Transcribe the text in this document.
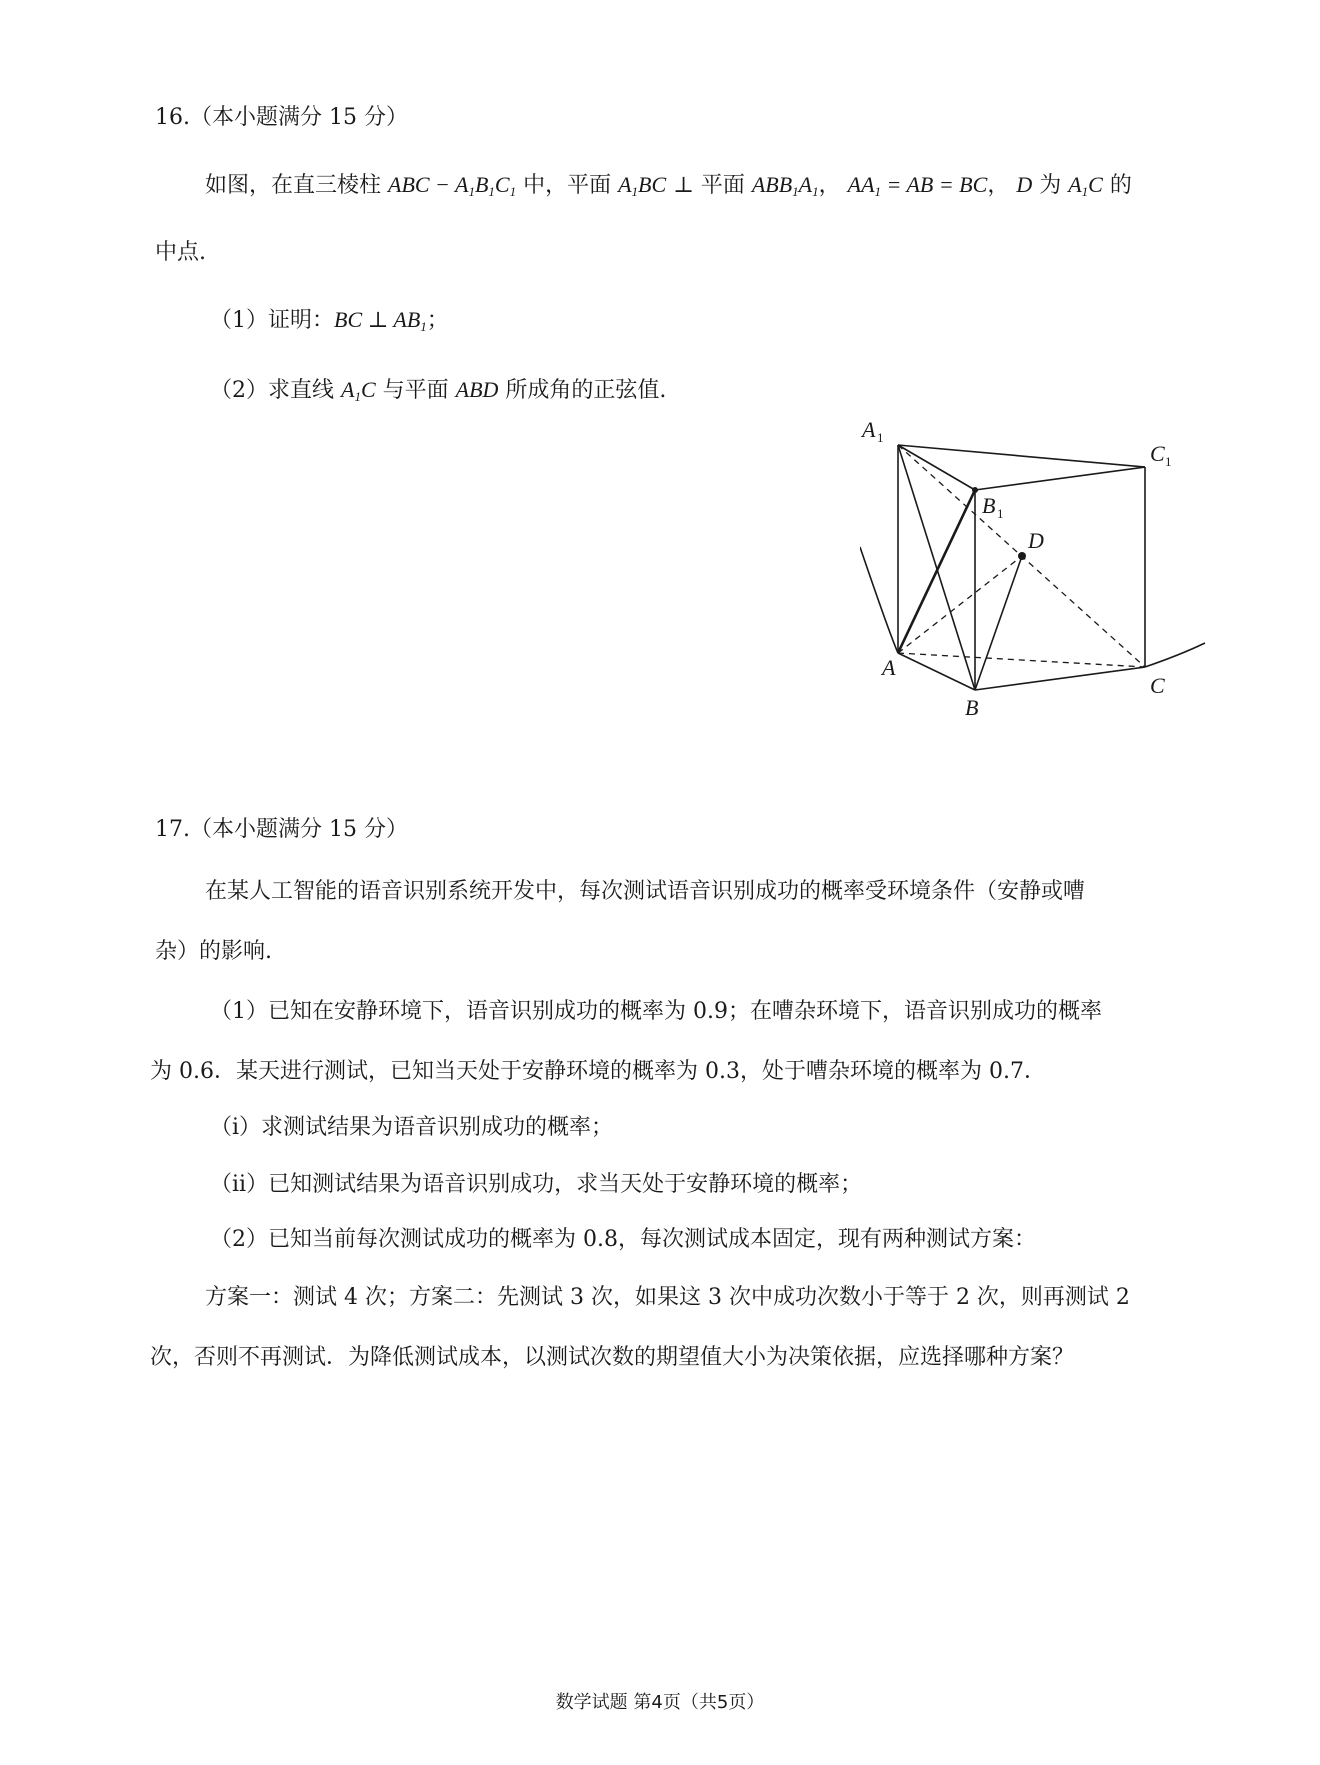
16.（本小题满分 15 分）
如图，在直三棱柱 ABC − $A_1B_1C_1$ 中，平面 $A_1BC$ ⊥ 平面 $ABB_1A_1$， $AA_1$ = AB = BC， D 为 $A_1C$ 的
中点.
（1）证明：BC ⊥ $AB_1$；
（2）求直线 $A_1C$ 与平面 ABD 所成角的正弦值.
A 1
C 1
B 1
D
A
B
C
17.（本小题满分 15 分）
在某人工智能的语音识别系统开发中，每次测试语音识别成功的概率受环境条件（安静或嘈
杂）的影响.
（1）已知在安静环境下，语音识别成功的概率为 0.9；在嘈杂环境下，语音识别成功的概率
为 0.6．某天进行测试，已知当天处于安静环境的概率为 0.3，处于嘈杂环境的概率为 0.7．
（i）求测试结果为语音识别成功的概率；
（ii）已知测试结果为语音识别成功，求当天处于安静环境的概率；
（2）已知当前每次测试成功的概率为 0.8，每次测试成本固定，现有两种测试方案：
方案一：测试 4 次；方案二：先测试 3 次，如果这 3 次中成功次数小于等于 2 次，则再测试 2
次，否则不再测试．为降低测试成本，以测试次数的期望值大小为决策依据，应选择哪种方案？
数学试题 第4页（共5页）
